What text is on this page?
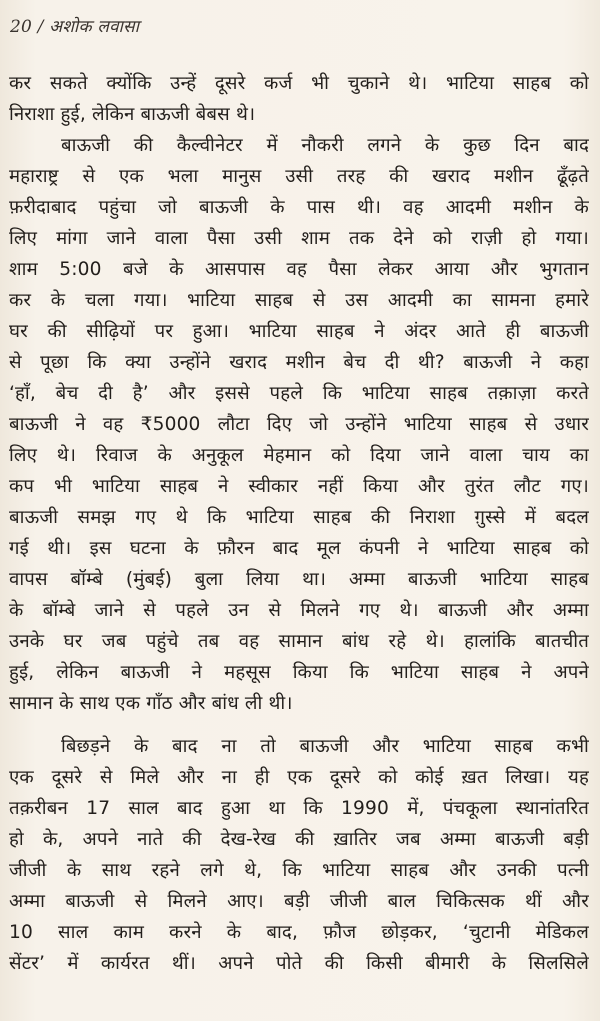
20 / अशोक लवासा
कर सकते क्योंकि उन्हें दूसरे कर्ज भी चुकाने थे। भाटिया साहब को
निराशा हुई, लेकिन बाऊजी बेबस थे।
बाऊजी की कैल्वीनेटर में नौकरी लगने के कुछ दिन बाद
महाराष्ट्र से एक भला मानुस उसी तरह की खराद मशीन ढूँढ़ते
फ़रीदाबाद पहुंचा जो बाऊजी के पास थी। वह आदमी मशीन के
लिए मांगा जाने वाला पैसा उसी शाम तक देने को राज़ी हो गया।
शाम 5:00 बजे के आसपास वह पैसा लेकर आया और भुगतान
कर के चला गया। भाटिया साहब से उस आदमी का सामना हमारे
घर की सीढ़ियों पर हुआ। भाटिया साहब ने अंदर आते ही बाऊजी
से पूछा कि क्या उन्होंने खराद मशीन बेच दी थी? बाऊजी ने कहा
‘हाँ, बेच दी है’ और इससे पहले कि भाटिया साहब तक़ाज़ा करते
बाऊजी ने वह ₹5000 लौटा दिए जो उन्होंने भाटिया साहब से उधार
लिए थे। रिवाज के अनुकूल मेहमान को दिया जाने वाला चाय का
कप भी भाटिया साहब ने स्वीकार नहीं किया और तुरंत लौट गए।
बाऊजी समझ गए थे कि भाटिया साहब की निराशा ग़ुस्से में बदल
गई थी। इस घटना के फ़ौरन बाद मूल कंपनी ने भाटिया साहब को
वापस बॉम्बे (मुंबई) बुला लिया था। अम्मा बाऊजी भाटिया साहब
के बॉम्बे जाने से पहले उन से मिलने गए थे। बाऊजी और अम्मा
उनके घर जब पहुंचे तब वह सामान बांध रहे थे। हालांकि बातचीत
हुई, लेकिन बाऊजी ने महसूस किया कि भाटिया साहब ने अपने
सामान के साथ एक गाँठ और बांध ली थी।
बिछड़ने के बाद ना तो बाऊजी और भाटिया साहब कभी
एक दूसरे से मिले और ना ही एक दूसरे को कोई ख़त लिखा। यह
तक़रीबन 17 साल बाद हुआ था कि 1990 में, पंचकूला स्थानांतरित
हो के, अपने नाते की देख-रेख की ख़ातिर जब अम्मा बाऊजी बड़ी
जीजी के साथ रहने लगे थे, कि भाटिया साहब और उनकी पत्नी
अम्मा बाऊजी से मिलने आए। बड़ी जीजी बाल चिकित्सक थीं और
10 साल काम करने के बाद, फ़ौज छोड़कर, ‘चुटानी मेडिकल
सेंटर’ में कार्यरत थीं। अपने पोते की किसी बीमारी के सिलसिले
